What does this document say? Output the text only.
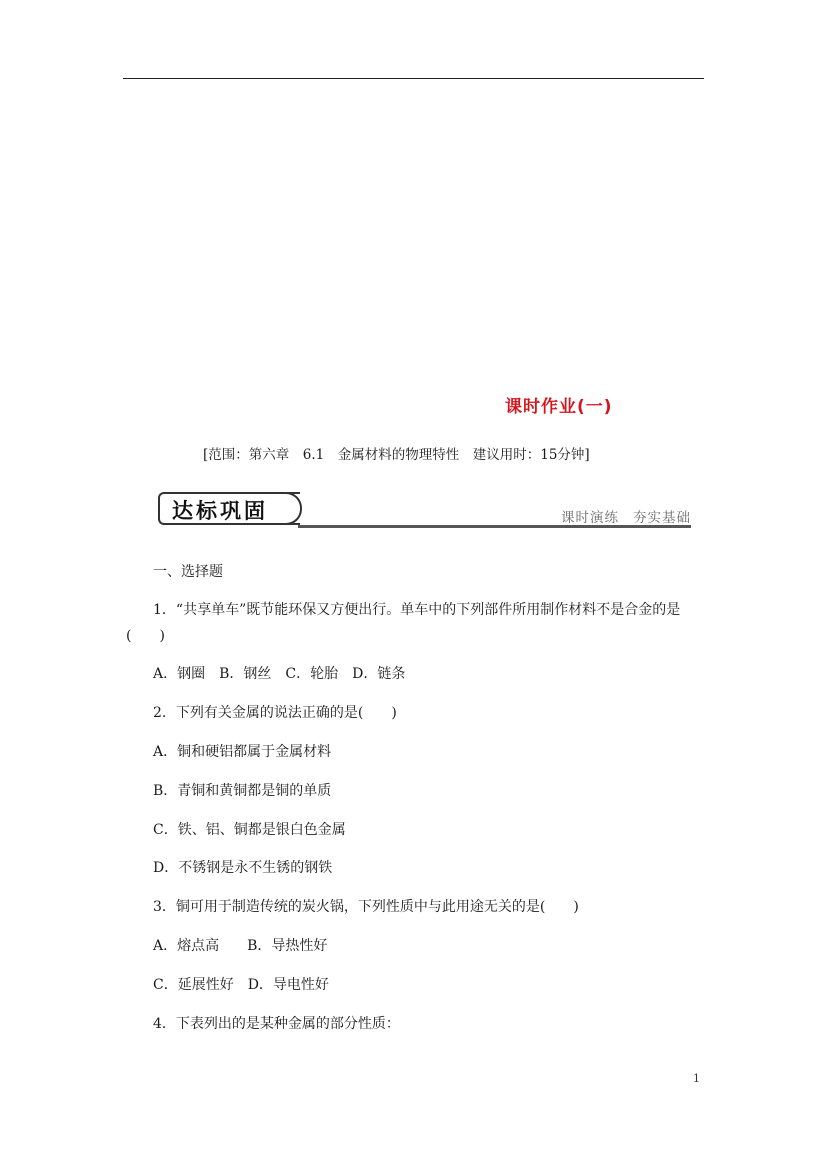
课时作业(一)
[范围：第六章　6.1　金属材料的物理特性　建议用时：15分钟]
达标巩固	课时演练 夯实基础
一、选择题
1．“共享单车”既节能环保又方便出行。单车中的下列部件所用制作材料不是合金的是
(　　)
A．钢圈　B．钢丝　C．轮胎　D．链条
2．下列有关金属的说法正确的是(　　)
A．铜和硬铝都属于金属材料
B．青铜和黄铜都是铜的单质
C．铁、铝、铜都是银白色金属
D．不锈钢是永不生锈的钢铁
3．铜可用于制造传统的炭火锅，下列性质中与此用途无关的是(　　)
A．熔点高　　B．导热性好
C．延展性好　D．导电性好
4．下表列出的是某种金属的部分性质：
1
